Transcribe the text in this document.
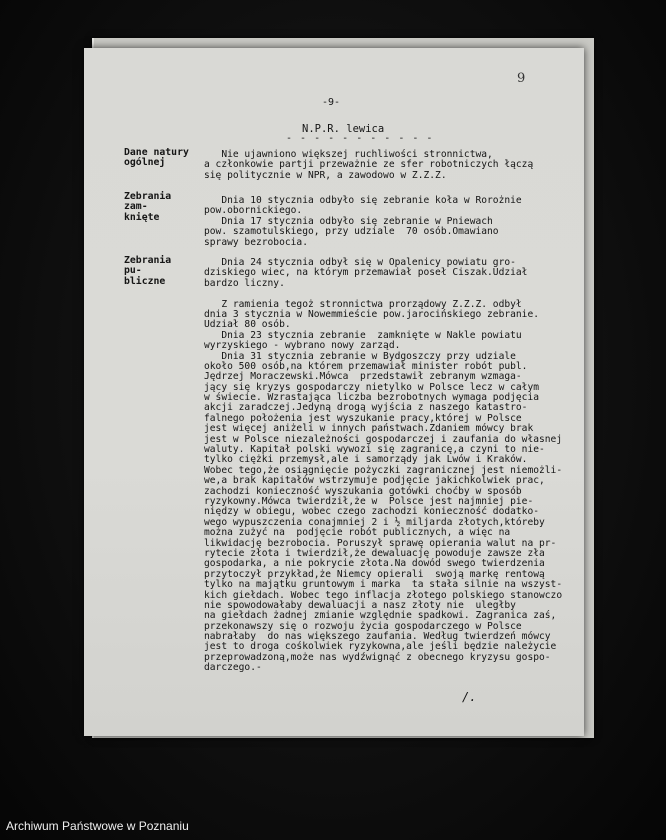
9
-9-
N.P.R. lewica
- - - - - - - - - - -
Dane natury
ogólnej
Nie ujawniono większej ruchliwości stronnictwa,
a członkowie partji przeważnie ze sfer robotniczych łączą
się politycznie w NPR, a zawodowo w Z.Z.Z.
Zebrania zam-
knięte
Dnia 10 stycznia odbyło się zebranie koła w Rorożnie
pow.obornickiego.
Dnia 17 stycznia odbyło się zebranie w Pniewach
pow. szamotulskiego, przy udziale  70 osób.Omawiano
sprawy bezrobocia.
Zebrania pu-
bliczne
Dnia 24 stycznia odbył się w Opalenicy powiatu gro-
dziskiego wiec, na którym przemawiał poseł Ciszak.Udział
bardzo liczny.
Z ramienia tegoż stronnictwa prorządowy Z.Z.Z. odbył
dnia 3 stycznia w Nowemmieście pow.jarocińskiego zebranie.
Udział 80 osób.
Dnia 23 stycznia zebranie  zamknięte w Nakle powiatu
wyrzyskiego - wybrano nowy zarząd.
Dnia 31 stycznia zebranie w Bydgoszczy przy udziale
około 500 osób,na którem przemawiał minister robót publ.
Jędrzej Moraczewski.Mówca  przedstawił zebranym wzmaga-
jący się kryzys gospodarczy nietylko w Polsce lecz w całym
w świecie. Wzrastająca liczba bezrobotnych wymaga podjęcia
akcji zaradczej.Jedyną drogą wyjścia z naszego katastro-
falnego położenia jest wyszukanie pracy,której w Polsce
jest więcej aniżeli w innych państwach.Zdaniem mówcy brak
jest w Polsce niezależności gospodarczej i zaufania do własnej
waluty. Kapitał polski wywozi się zagranicę,a czyni to nie-
tylko ciężki przemysł,ale i samorządy jak Lwów i Kraków.
Wobec tego,że osiągnięcie pożyczki zagranicznej jest niemożli-
we,a brak kapitałów wstrzymuje podjęcie jakichkolwiek prac,
zachodzi konieczność wyszukania gotówki choćby w sposób
ryzykowny.Mówca twierdził,że w  Polsce jest najmniej pie-
niędzy w obiegu, wobec czego zachodzi konieczność dodatko-
wego wypuszczenia conajmniej 2 i ½ miljarda złotych,któreby
można zużyć na  podjęcie robót publicznych, a więc na
likwidację bezrobocia. Poruszył sprawę opierania walut na pr-
rytecie złota i twierdził,że dewaluację powoduje zawsze zła
gospodarka, a nie pokrycie złota.Na dowód swego twierdzenia
przytoczył przykład,że Niemcy opierali  swoją markę rentową
tylko na majątku gruntowym i marka  ta stała silnie na wszyst-
kich giełdach. Wobec tego inflacja złotego polskiego stanowczo
nie spowodowałaby dewaluacji a nasz złoty nie  uległby
na giełdach żadnej zmianie względnie spadkowi. Zagranica zaś,
przekonawszy się o rozwoju życia gospodarczego w Polsce
nabrałaby  do nas większego zaufania. Według twierdzeń mówcy
jest to droga cośkolwiek ryzykowna,ale jeśli będzie należycie
przeprowadzoną,może nas wydźwignąć z obecnego kryzysu gospo-
darczego.-
/.
Archiwum Państwowe w Poznaniu
